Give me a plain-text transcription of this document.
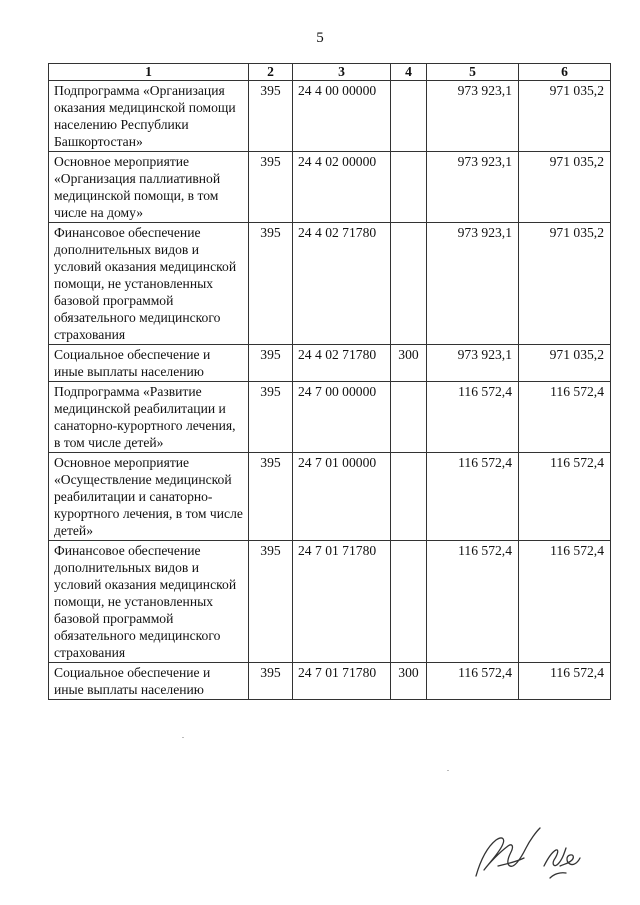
5
1	2	3	4	5	6
Подпрограмма «Организация оказания медицинской помощи населению Республики Башкортостан»	395	24 4 00 00000		973 923,1	971 035,2
Основное мероприятие «Организация паллиативной медицинской помощи, в том числе на дому»	395	24 4 02 00000		973 923,1	971 035,2
Финансовое обеспечение дополнительных видов и условий оказания медицинской помощи, не установленных базовой программой обязательного медицинского страхования	395	24 4 02 71780		973 923,1	971 035,2
Социальное обеспечение и иные выплаты населению	395	24 4 02 71780	300	973 923,1	971 035,2
Подпрограмма «Развитие медицинской реабилитации и санаторно-курортного лечения, в том числе детей»	395	24 7 00 00000		116 572,4	116 572,4
Основное мероприятие «Осуществление медицинской реабилитации и санаторно-курортного лечения, в том числе детей»	395	24 7 01 00000		116 572,4	116 572,4
Финансовое обеспечение дополнительных видов и условий оказания медицинской помощи, не установленных базовой программой обязательного медицинского страхования	395	24 7 01 71780		116 572,4	116 572,4
Социальное обеспечение и иные выплаты населению	395	24 7 01 71780	300	116 572,4	116 572,4
